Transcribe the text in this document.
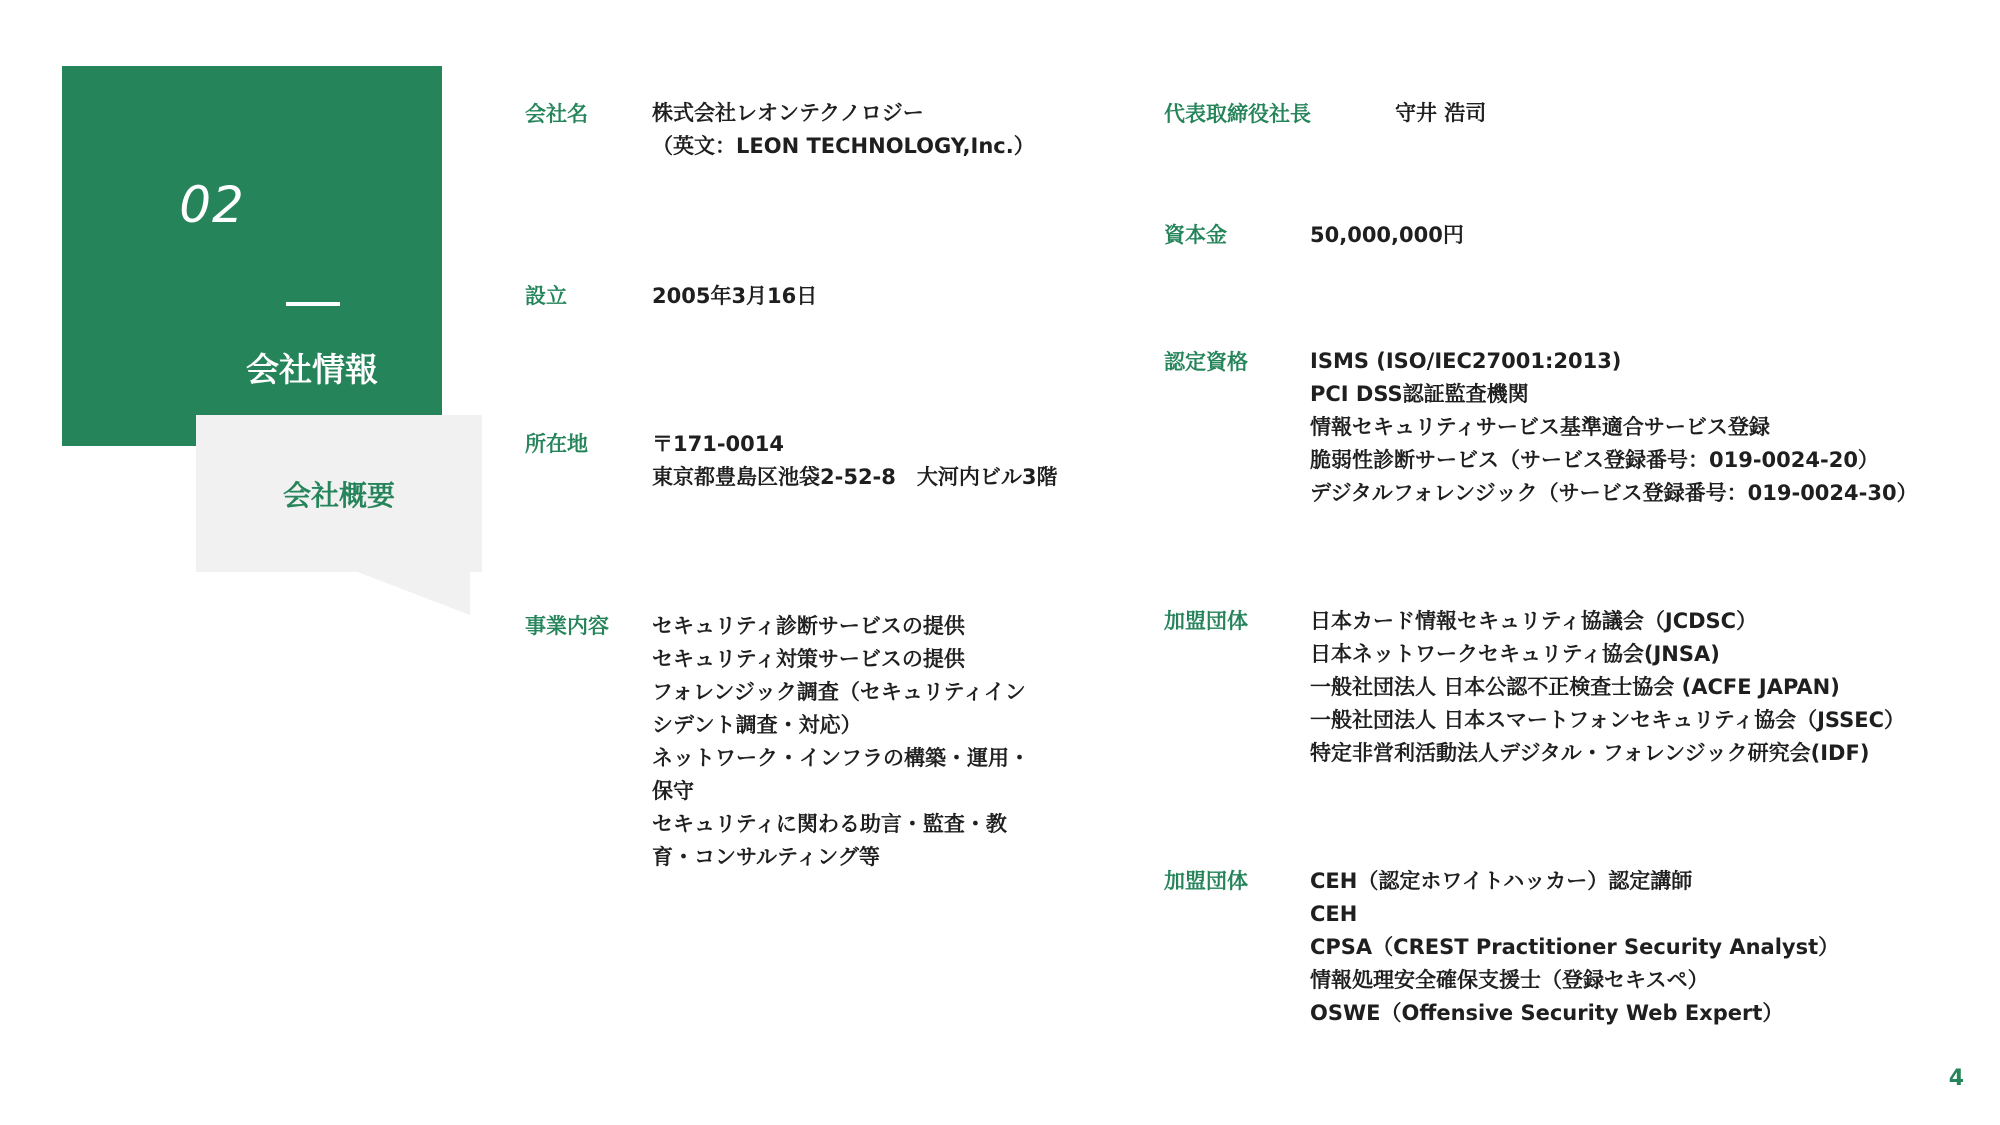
02
会社情報
会社概要
会社名	株式会社レオンテクノロジー
（英文：LEON TECHNOLOGY,Inc.）
設立	2005年3月16日
所在地	〒171-0014
東京都豊島区池袋2-52-8　大河内ビル3階
事業内容 セキュリティ診断サービスの提供
セキュリティ対策サービスの提供
フォレンジック調査（セキュリティイン
シデント調査・対応）
ネットワーク・インフラの構築・運用・
保守
セキュリティに関わる助言・監査・教
育・コンサルティング等
代表取締役社長	守井 浩司
資本金	50,000,000円
認定資格	ISMS (ISO/IEC27001:2013)
PCI DSS認証監査機関
情報セキュリティサービス基準適合サービス登録
脆弱性診断サービス（サービス登録番号：019-0024-20）
デジタルフォレンジック（サービス登録番号：019-0024-30）
加盟団体	日本カード情報セキュリティ協議会（JCDSC）
日本ネットワークセキュリティ協会(JNSA)
一般社団法人 日本公認不正検査士協会 (ACFE JAPAN)
一般社団法人 日本スマートフォンセキュリティ協会（JSSEC）
特定非営利活動法人デジタル・フォレンジック研究会(IDF)
加盟団体	CEH（認定ホワイトハッカー）認定講師
CEH
CPSA（CREST Practitioner Security Analyst）
情報処理安全確保支援士（登録セキスペ）
OSWE（Offensive Security Web Expert）
4
